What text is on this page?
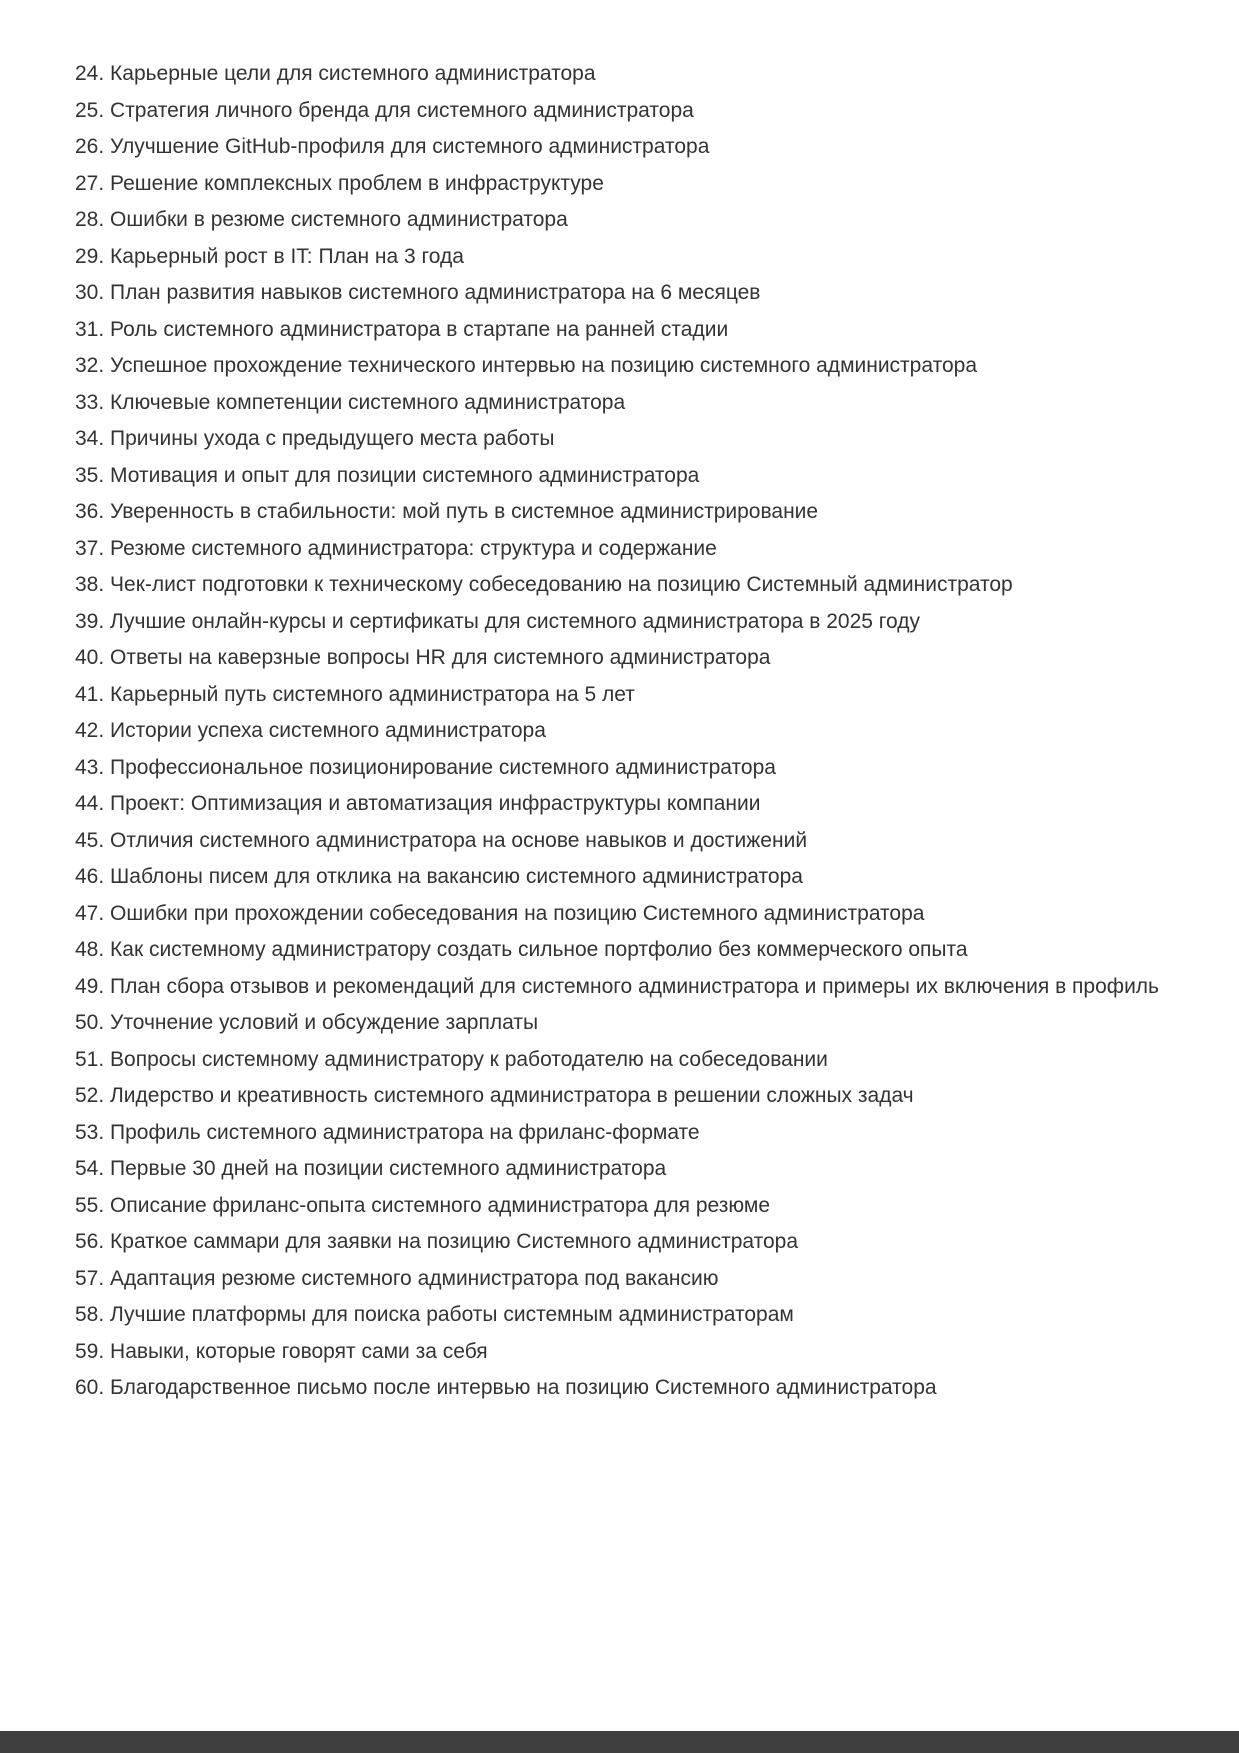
24. Карьерные цели для системного администратора
25. Стратегия личного бренда для системного администратора
26. Улучшение GitHub-профиля для системного администратора
27. Решение комплексных проблем в инфраструктуре
28. Ошибки в резюме системного администратора
29. Карьерный рост в IT: План на 3 года
30. План развития навыков системного администратора на 6 месяцев
31. Роль системного администратора в стартапе на ранней стадии
32. Успешное прохождение технического интервью на позицию системного администратора
33. Ключевые компетенции системного администратора
34. Причины ухода с предыдущего места работы
35. Мотивация и опыт для позиции системного администратора
36. Уверенность в стабильности: мой путь в системное администрирование
37. Резюме системного администратора: структура и содержание
38. Чек-лист подготовки к техническому собеседованию на позицию Системный администратор
39. Лучшие онлайн-курсы и сертификаты для системного администратора в 2025 году
40. Ответы на каверзные вопросы HR для системного администратора
41. Карьерный путь системного администратора на 5 лет
42. Истории успеха системного администратора
43. Профессиональное позиционирование системного администратора
44. Проект: Оптимизация и автоматизация инфраструктуры компании
45. Отличия системного администратора на основе навыков и достижений
46. Шаблоны писем для отклика на вакансию системного администратора
47. Ошибки при прохождении собеседования на позицию Системного администратора
48. Как системному администратору создать сильное портфолио без коммерческого опыта
49. План сбора отзывов и рекомендаций для системного администратора и примеры их включения в профиль
50. Уточнение условий и обсуждение зарплаты
51. Вопросы системному администратору к работодателю на собеседовании
52. Лидерство и креативность системного администратора в решении сложных задач
53. Профиль системного администратора на фриланс-формате
54. Первые 30 дней на позиции системного администратора
55. Описание фриланс-опыта системного администратора для резюме
56. Краткое саммари для заявки на позицию Системного администратора
57. Адаптация резюме системного администратора под вакансию
58. Лучшие платформы для поиска работы системным администраторам
59. Навыки, которые говорят сами за себя
60. Благодарственное письмо после интервью на позицию Системного администратора
